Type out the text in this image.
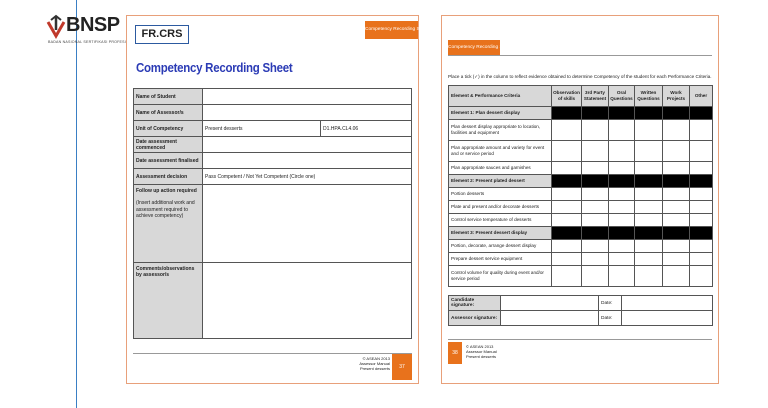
BNSP
BADAN NASIONAL SERTIFIKASI PROFESI
FR.CRS	Competency Recording Sheet
Competency Recording Sheet
Name of Student		
Name of Assessor/s		
Unit of Competency	Present desserts	D1.HPA.CL4.06
Date assessment commenced		
Date assessment finalised		
Assessment decision	Pass Competent / Not Yet Competent (Circle one)	
Follow up action required
(Insert additional work and assessment required to achieve competency)		

Comments/observations by assessor/s		
© ASEAN 2013
Assessor Manual
Present desserts	37
Competency Recording Sheet
Place a tick (✓) in the column to reflect evidence obtained to determine Competency of the student for each Performance Criteria.
Element & Performance Criteria	Observation of skills	3rd Party Statement	Oral Questions	Written Questions	Work Projects	Other
Element 1: Plan dessert display						
Plan dessert display appropriate to location, facilities and equipment						
Plan appropriate amount and variety for event and or service period						
Plan appropriate sauces and garnishes						
Element 2: Present plated dessert						
Portion desserts						
Plate and present and/or decorate desserts						
Control service temperature of desserts						
Element 3: Present dessert display						
Portion, decorate, arrange dessert display						
Prepare dessert service equipment						
Control volume for quality during event and/or service period						
Candidate signature:		Date:	
Assessor signature:		Date:	
38
© ASEAN 2013
Assessor Manual
Present desserts
